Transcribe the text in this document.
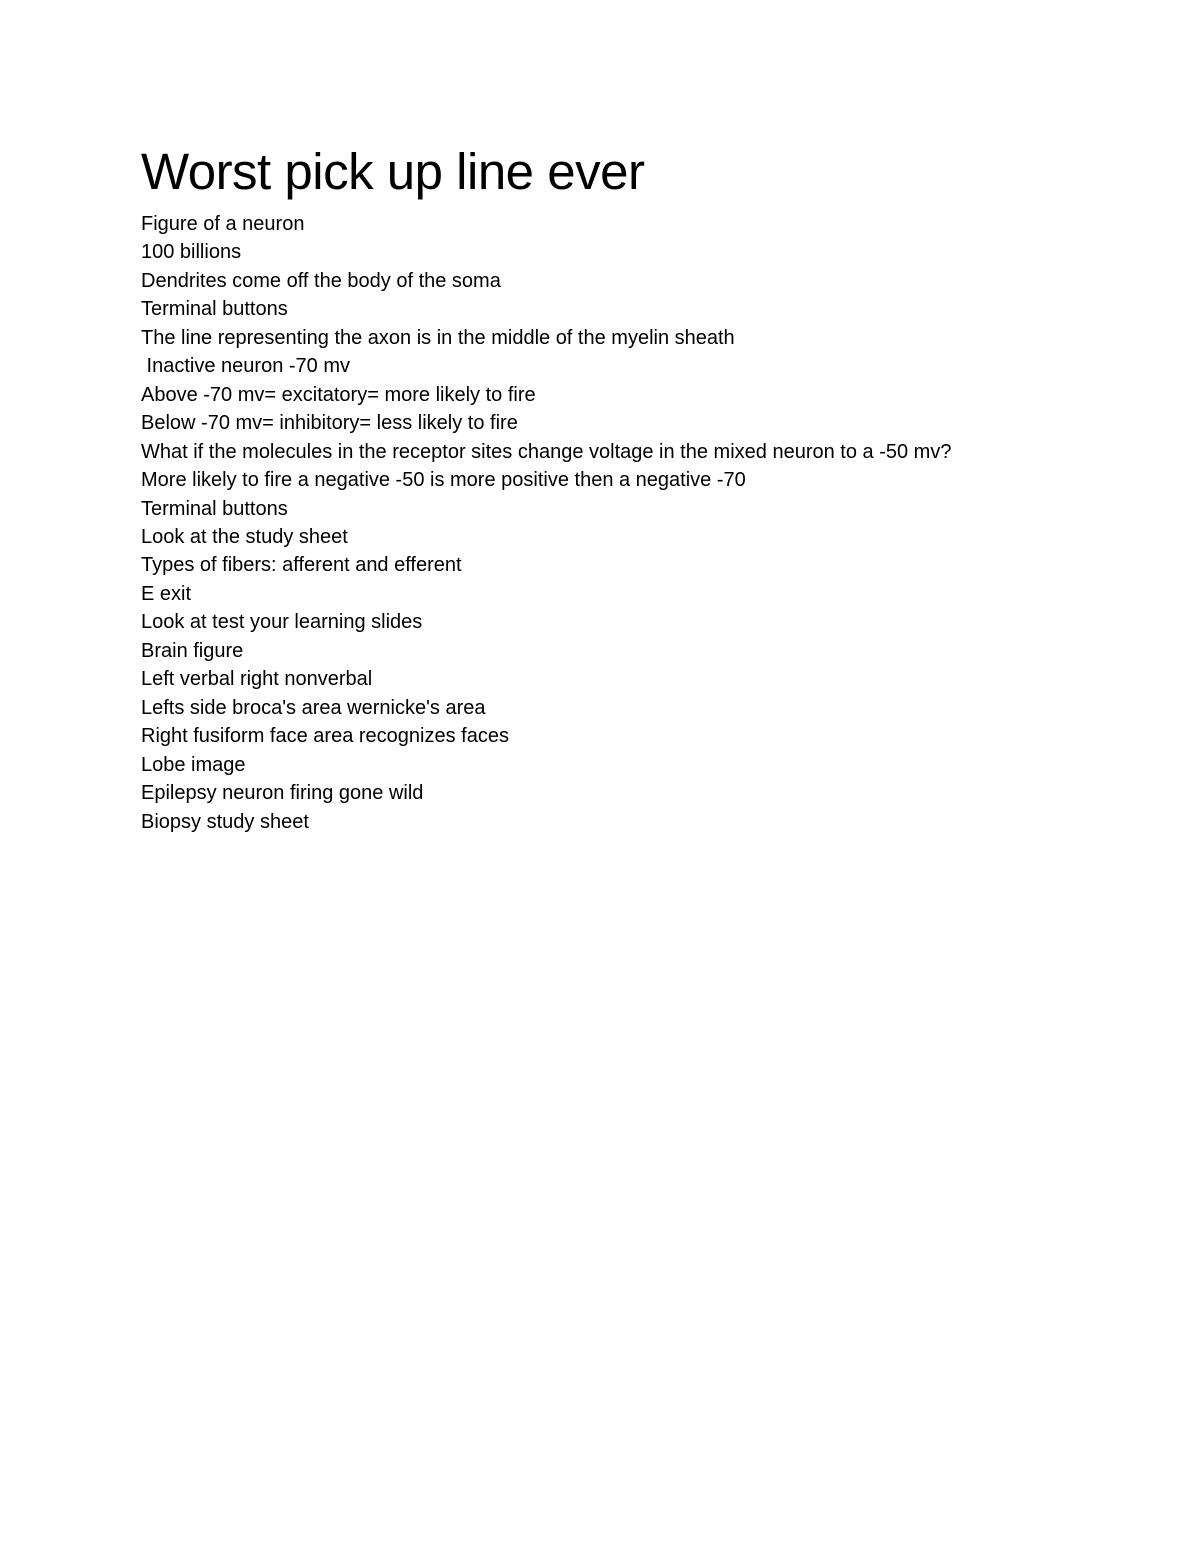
Worst pick up line ever
Figure of a neuron
100 billions
Dendrites come off the body of the soma
Terminal buttons
The line representing the axon is in the middle of the myelin sheath
Inactive neuron -70 mv
Above -70 mv= excitatory= more likely to fire
Below -70 mv= inhibitory= less likely to fire
What if the molecules in the receptor sites change voltage in the mixed neuron to a -50 mv?
More likely to fire a negative -50 is more positive then a negative -70
Terminal buttons
Look at the study sheet
Types of fibers: afferent and efferent
E exit
Look at test your learning slides
Brain figure
Left verbal right nonverbal
Lefts side broca's area wernicke's area
Right fusiform face area recognizes faces
Lobe image
Epilepsy neuron firing gone wild
Biopsy study sheet
